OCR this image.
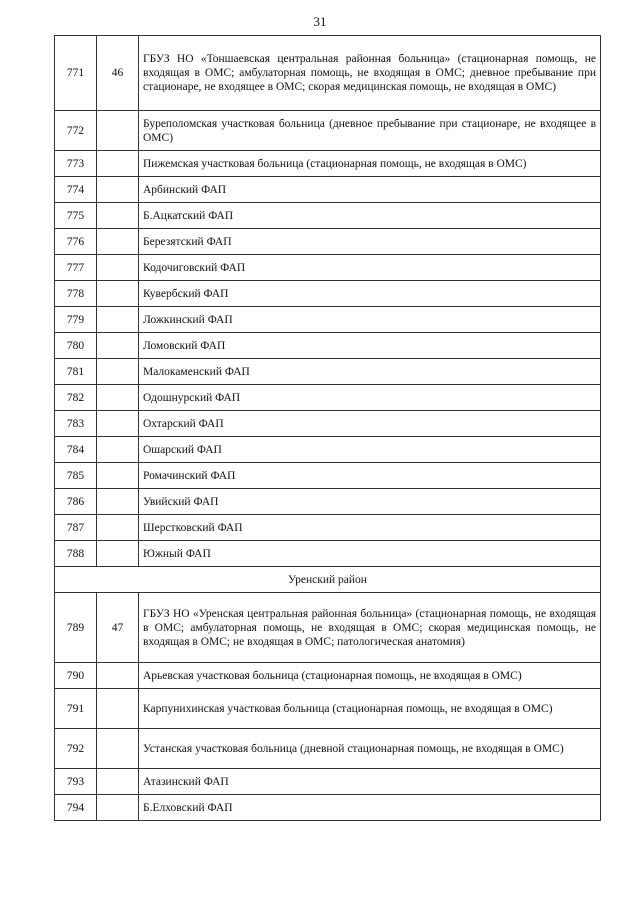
31
771	46	ГБУЗ НО «Тоншаевская центральная районная больница» (стационарная помощь, не входящая в ОМС; амбулаторная помощь, не входящая в ОМС; дневное пребывание при стационаре, не входящее в ОМС; скорая медицинская помощь, не входящая в ОМС)
772		Буреполомская участковая больница (дневное пребывание при стационаре, не входящее в ОМС)
773		Пижемская участковая больница (стационарная помощь, не входящая в ОМС)
774		Арбинский ФАП
775		Б.Ацкатский ФАП
776		Березятский ФАП
777		Кодочиговский ФАП
778		Кувербский ФАП
779		Ложкинский ФАП
780		Ломовский ФАП
781		Малокаменский ФАП
782		Одошнурский ФАП
783		Охтарский ФАП
784		Ошарский ФАП
785		Ромачинский ФАП
786		Увийский ФАП
787		Шерстковский ФАП
788		Южный ФАП
Уренский район		
789	47	ГБУЗ НО «Уренская центральная районная больница» (стационарная помощь, не входящая в ОМС; амбулаторная помощь, не входящая в ОМС; скорая медицинская помощь, не входящая в ОМС; не входящая в ОМС; патологическая анатомия)
790		Арьевская участковая больница (стационарная помощь, не входящая в ОМС)
791		Карпунихинская участковая больница (стационарная помощь, не входящая в ОМС)
792		Устанская участковая больница (дневной стационарная помощь, не входящая в ОМС)
793		Атазинский ФАП
794		Б.Елховский ФАП
